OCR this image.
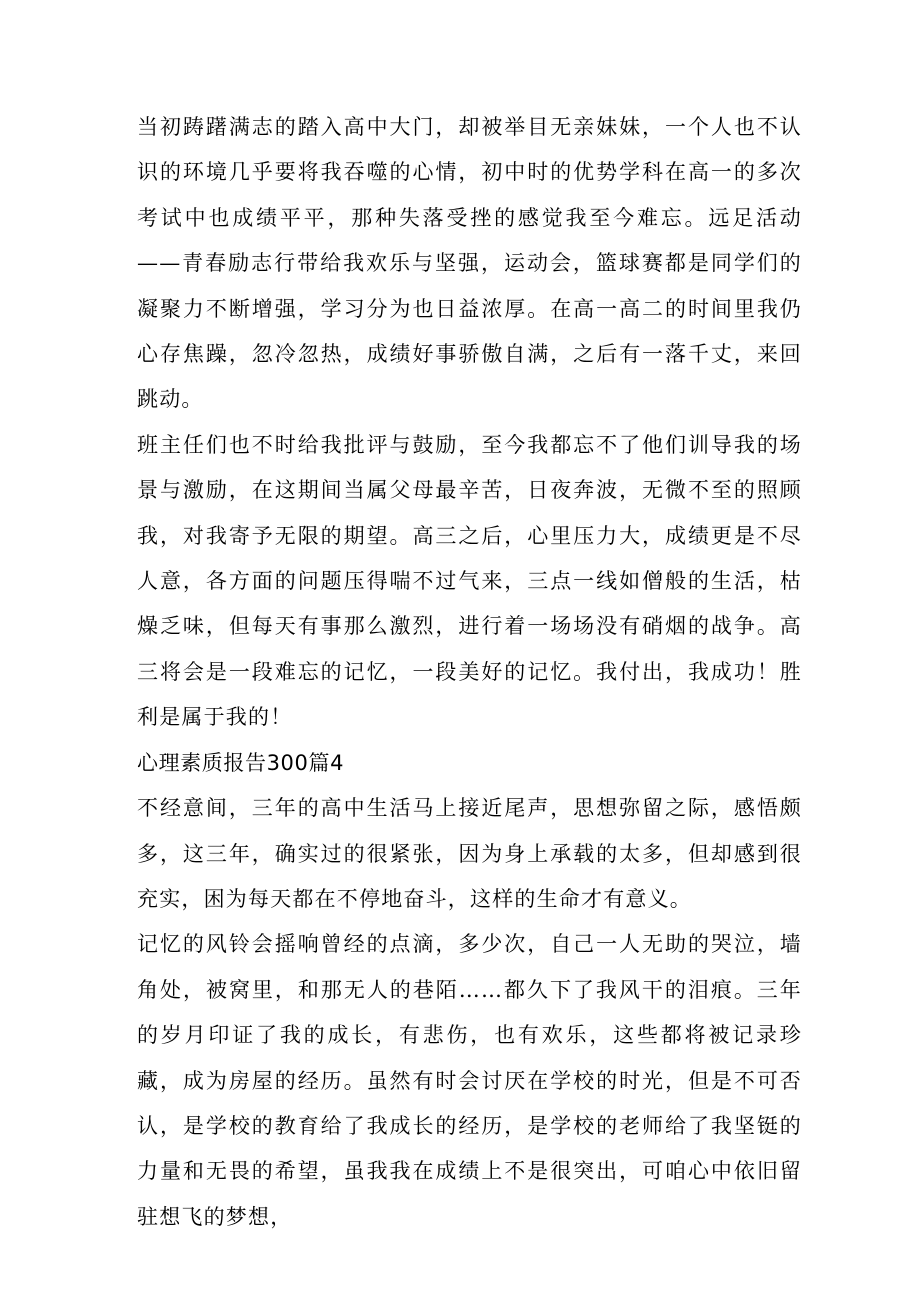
当初踌躇满志的踏入高中大门，却被举目无亲妹妹，一个人也不认识的环境几乎要将我吞噬的心情，初中时的优势学科在高一的多次考试中也成绩平平，那种失落受挫的感觉我至今难忘。远足活动——青春励志行带给我欢乐与坚强，运动会，篮球赛都是同学们的凝聚力不断增强，学习分为也日益浓厚。在高一高二的时间里我仍心存焦躁，忽冷忽热，成绩好事骄傲自满，之后有一落千丈，来回跳动。

班主任们也不时给我批评与鼓励，至今我都忘不了他们训导我的场景与激励，在这期间当属父母最辛苦，日夜奔波，无微不至的照顾我，对我寄予无限的期望。高三之后，心里压力大，成绩更是不尽人意，各方面的问题压得喘不过气来，三点一线如僧般的生活，枯燥乏味，但每天有事那么激烈，进行着一场场没有硝烟的战争。高三将会是一段难忘的记忆，一段美好的记忆。我付出，我成功！胜利是属于我的！

心理素质报告300篇4

不经意间，三年的高中生活马上接近尾声，思想弥留之际，感悟颇多，这三年，确实过的很紧张，因为身上承载的太多，但却感到很充实，困为每天都在不停地奋斗，这样的生命才有意义。

记忆的风铃会摇响曾经的点滴，多少次，自己一人无助的哭泣，墙角处，被窝里，和那无人的巷陌……都久下了我风干的泪痕。三年的岁月印证了我的成长，有悲伤，也有欢乐，这些都将被记录珍藏，成为房屋的经历。虽然有时会讨厌在学校的时光，但是不可否认，是学校的教育给了我成长的经历，是学校的老师给了我坚铤的力量和无畏的希望，虽我我在成绩上不是很突出，可咱心中依旧留驻想飞的梦想，
